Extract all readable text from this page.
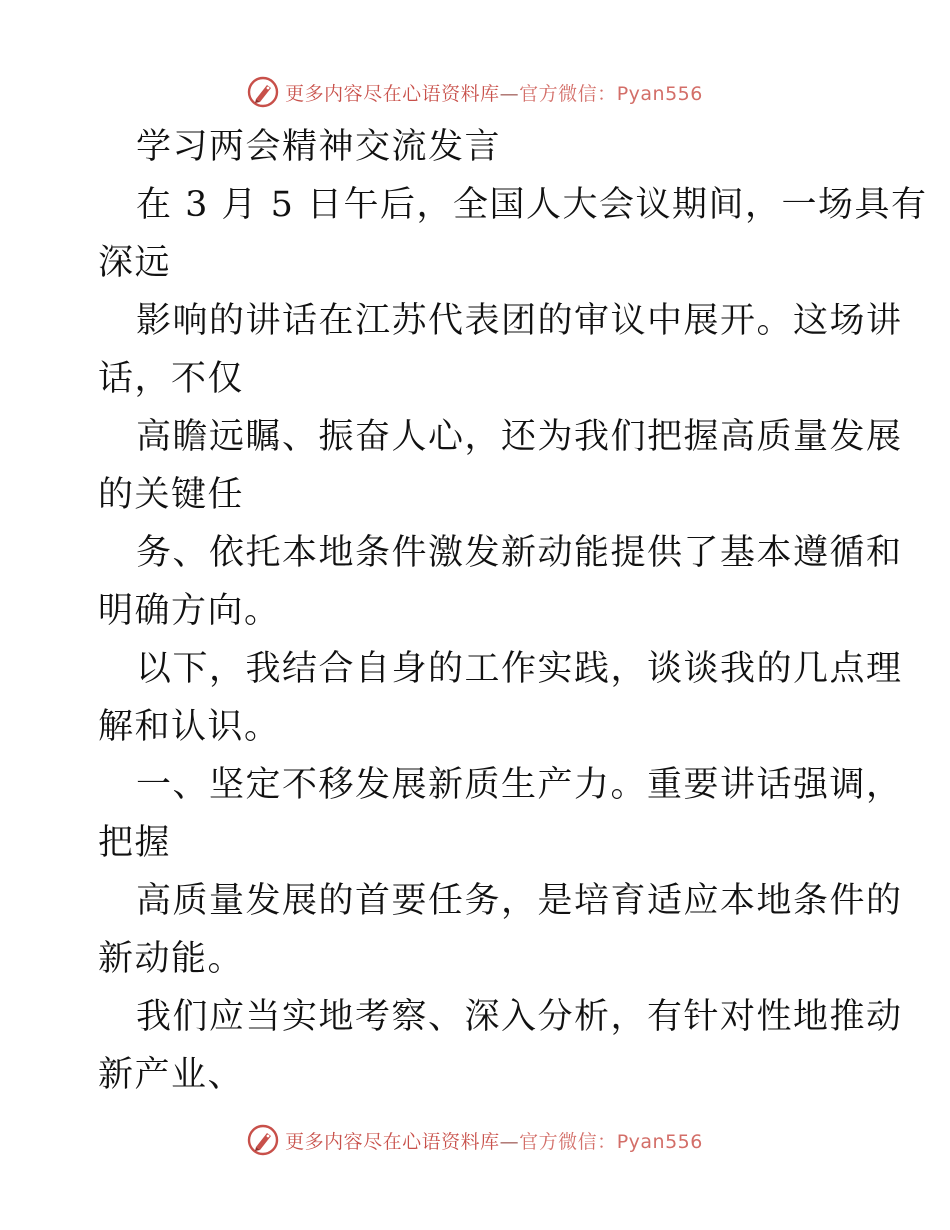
更多内容尽在心语资料库—官方微信：Pyan556
学习两会精神交流发言
在 3 月 5 日午后，全国人大会议期间，一场具有
深远
影响的讲话在江苏代表团的审议中展开。这场讲
话，不仅
高瞻远瞩、振奋人心，还为我们把握高质量发展
的关键任
务、依托本地条件激发新动能提供了基本遵循和
明确方向。
以下，我结合自身的工作实践，谈谈我的几点理
解和认识。
一、坚定不移发展新质生产力。重要讲话强调，
把握
高质量发展的首要任务，是培育适应本地条件的
新动能。
我们应当实地考察、深入分析，有针对性地推动
新产业、
更多内容尽在心语资料库—官方微信：Pyan556
